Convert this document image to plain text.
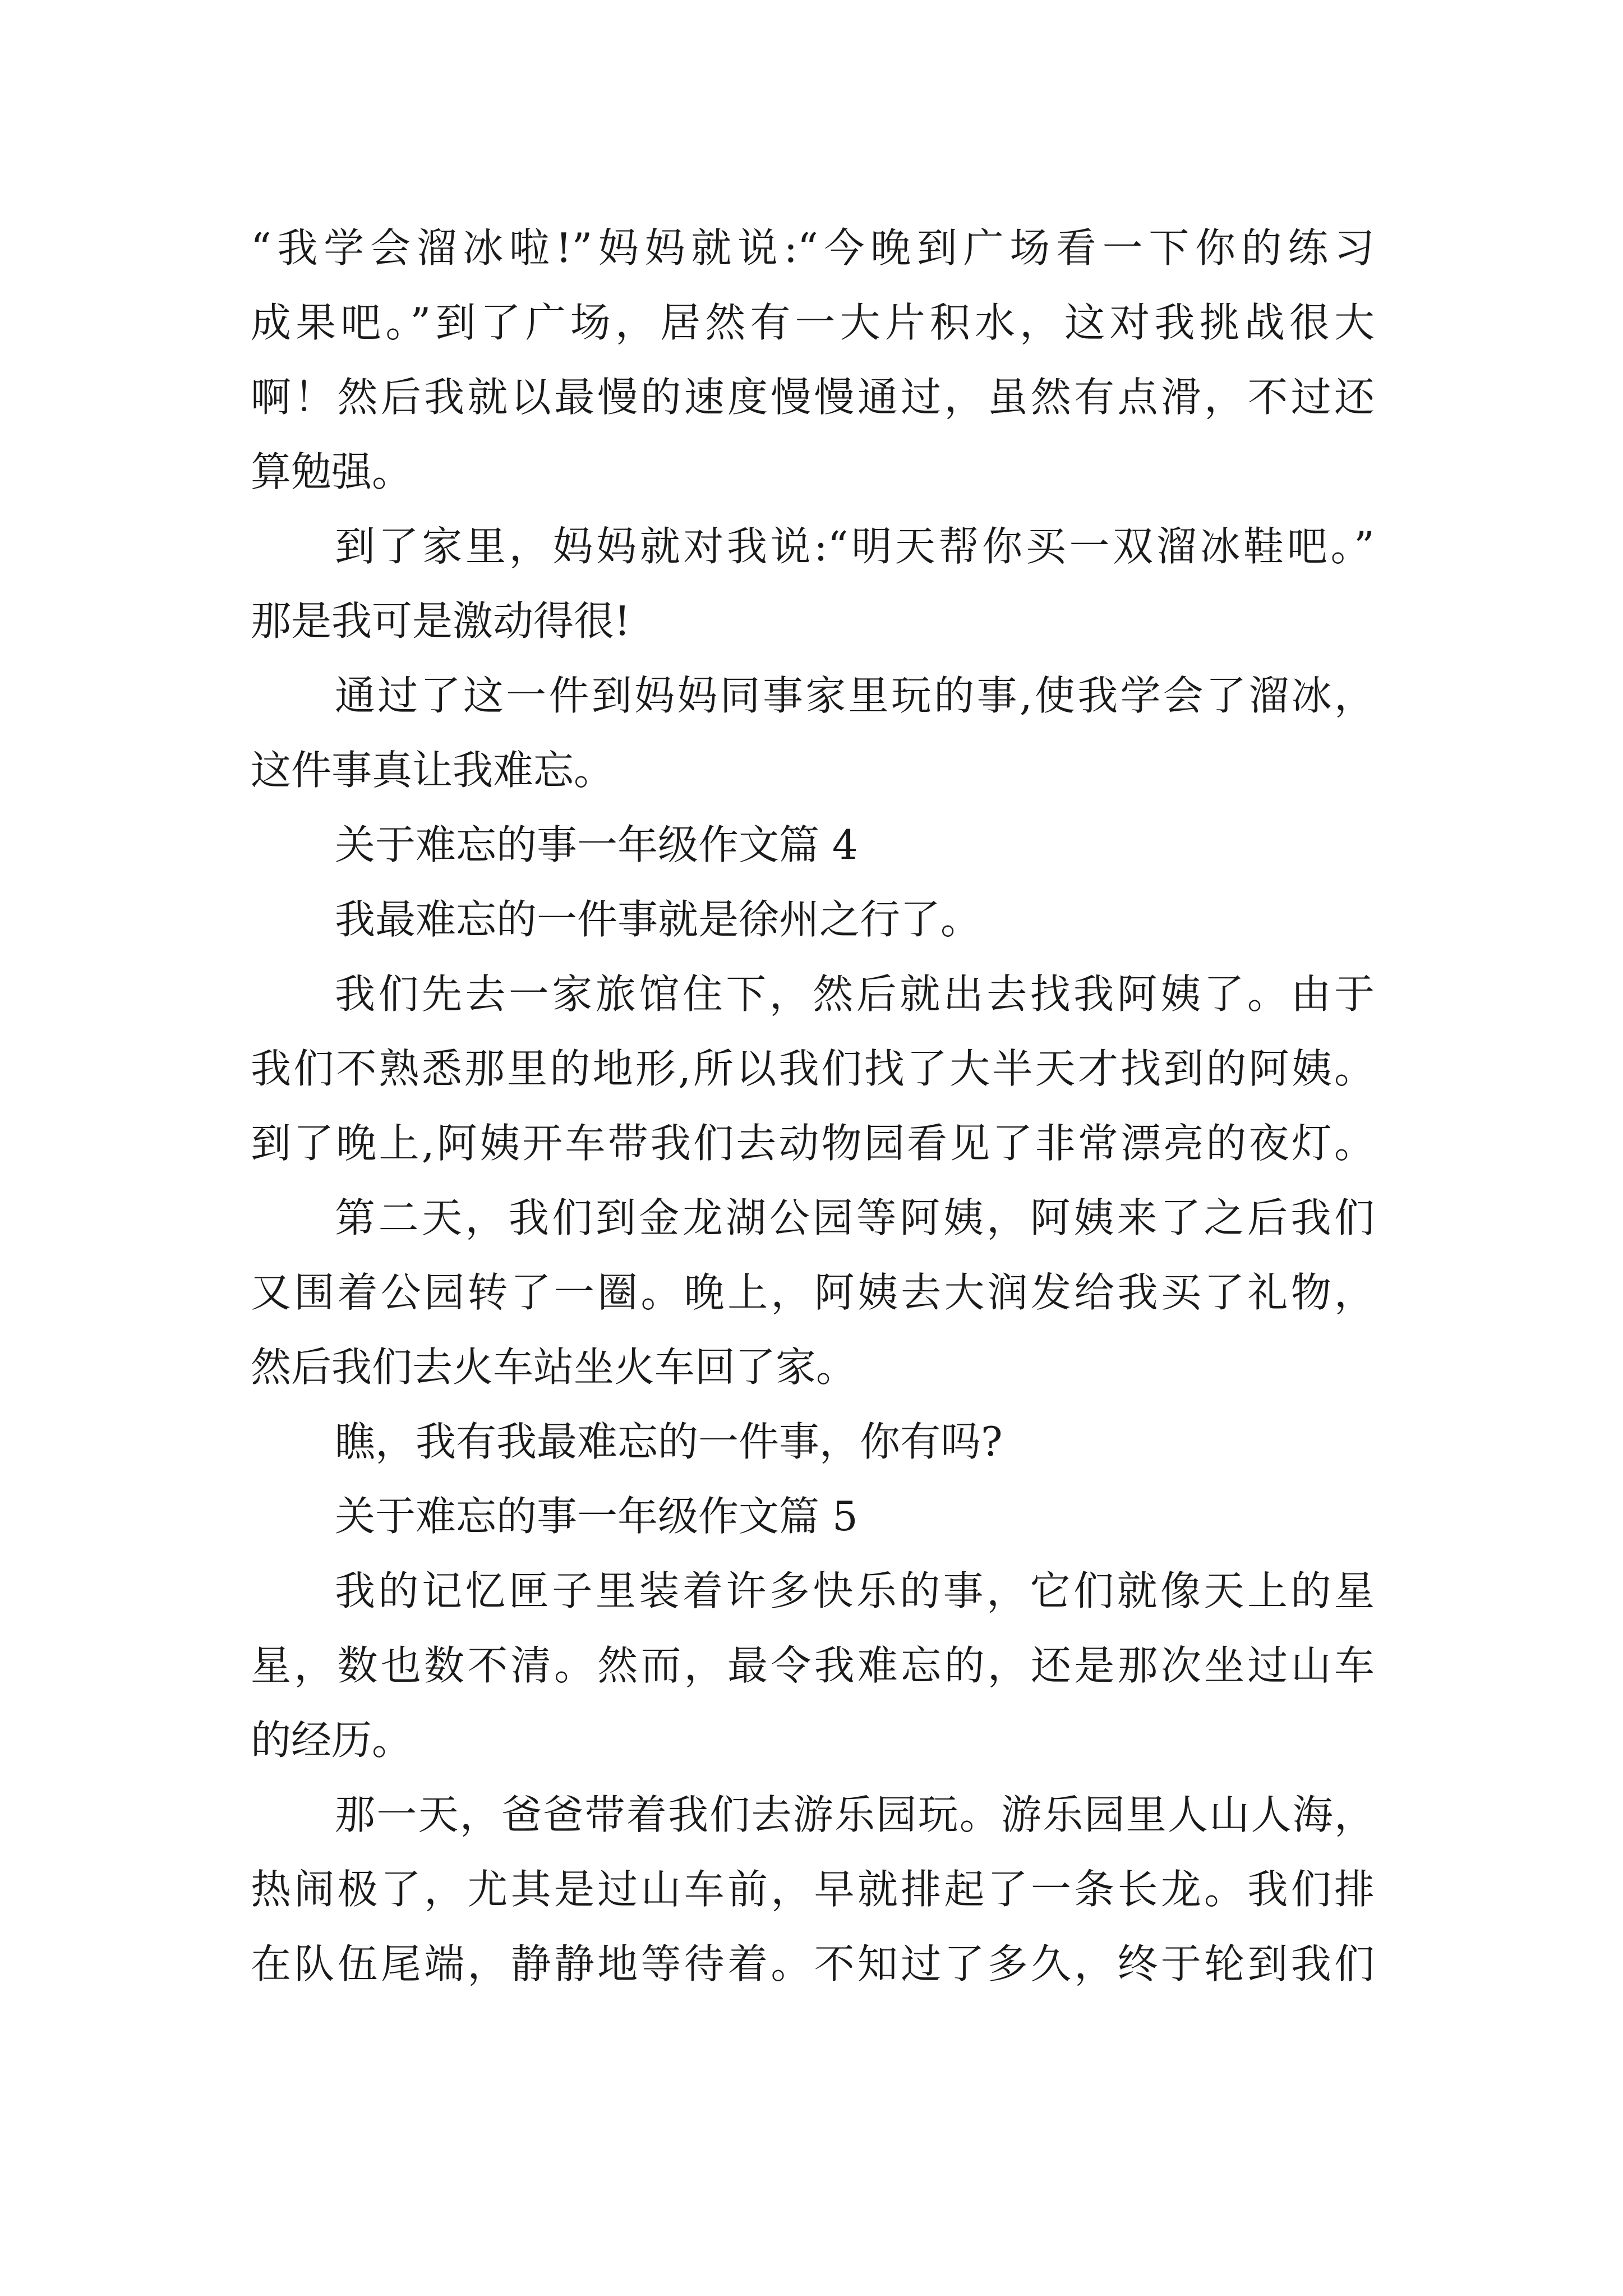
“我学会溜冰啦!”妈妈就说:“今晚到广场看一下你的练习

成果吧。”到了广场，居然有一大片积水，这对我挑战很大

啊！然后我就以最慢的速度慢慢通过，虽然有点滑，不过还

算勉强。

到了家里，妈妈就对我说:“明天帮你买一双溜冰鞋吧。”

那是我可是激动得很!

通过了这一件到妈妈同事家里玩的事,使我学会了溜冰，

这件事真让我难忘。

关于难忘的事一年级作文篇 4

我最难忘的一件事就是徐州之行了。

我们先去一家旅馆住下，然后就出去找我阿姨了。由于

我们不熟悉那里的地形,所以我们找了大半天才找到的阿姨。

到了晚上,阿姨开车带我们去动物园看见了非常漂亮的夜灯。

第二天，我们到金龙湖公园等阿姨，阿姨来了之后我们

又围着公园转了一圈。晚上，阿姨去大润发给我买了礼物，

然后我们去火车站坐火车回了家。

瞧，我有我最难忘的一件事，你有吗?

关于难忘的事一年级作文篇 5

我的记忆匣子里装着许多快乐的事，它们就像天上的星

星，数也数不清。然而，最令我难忘的，还是那次坐过山车

的经历。

那一天，爸爸带着我们去游乐园玩。游乐园里人山人海，

热闹极了，尤其是过山车前，早就排起了一条长龙。我们排

在队伍尾端，静静地等待着。不知过了多久，终于轮到我们
